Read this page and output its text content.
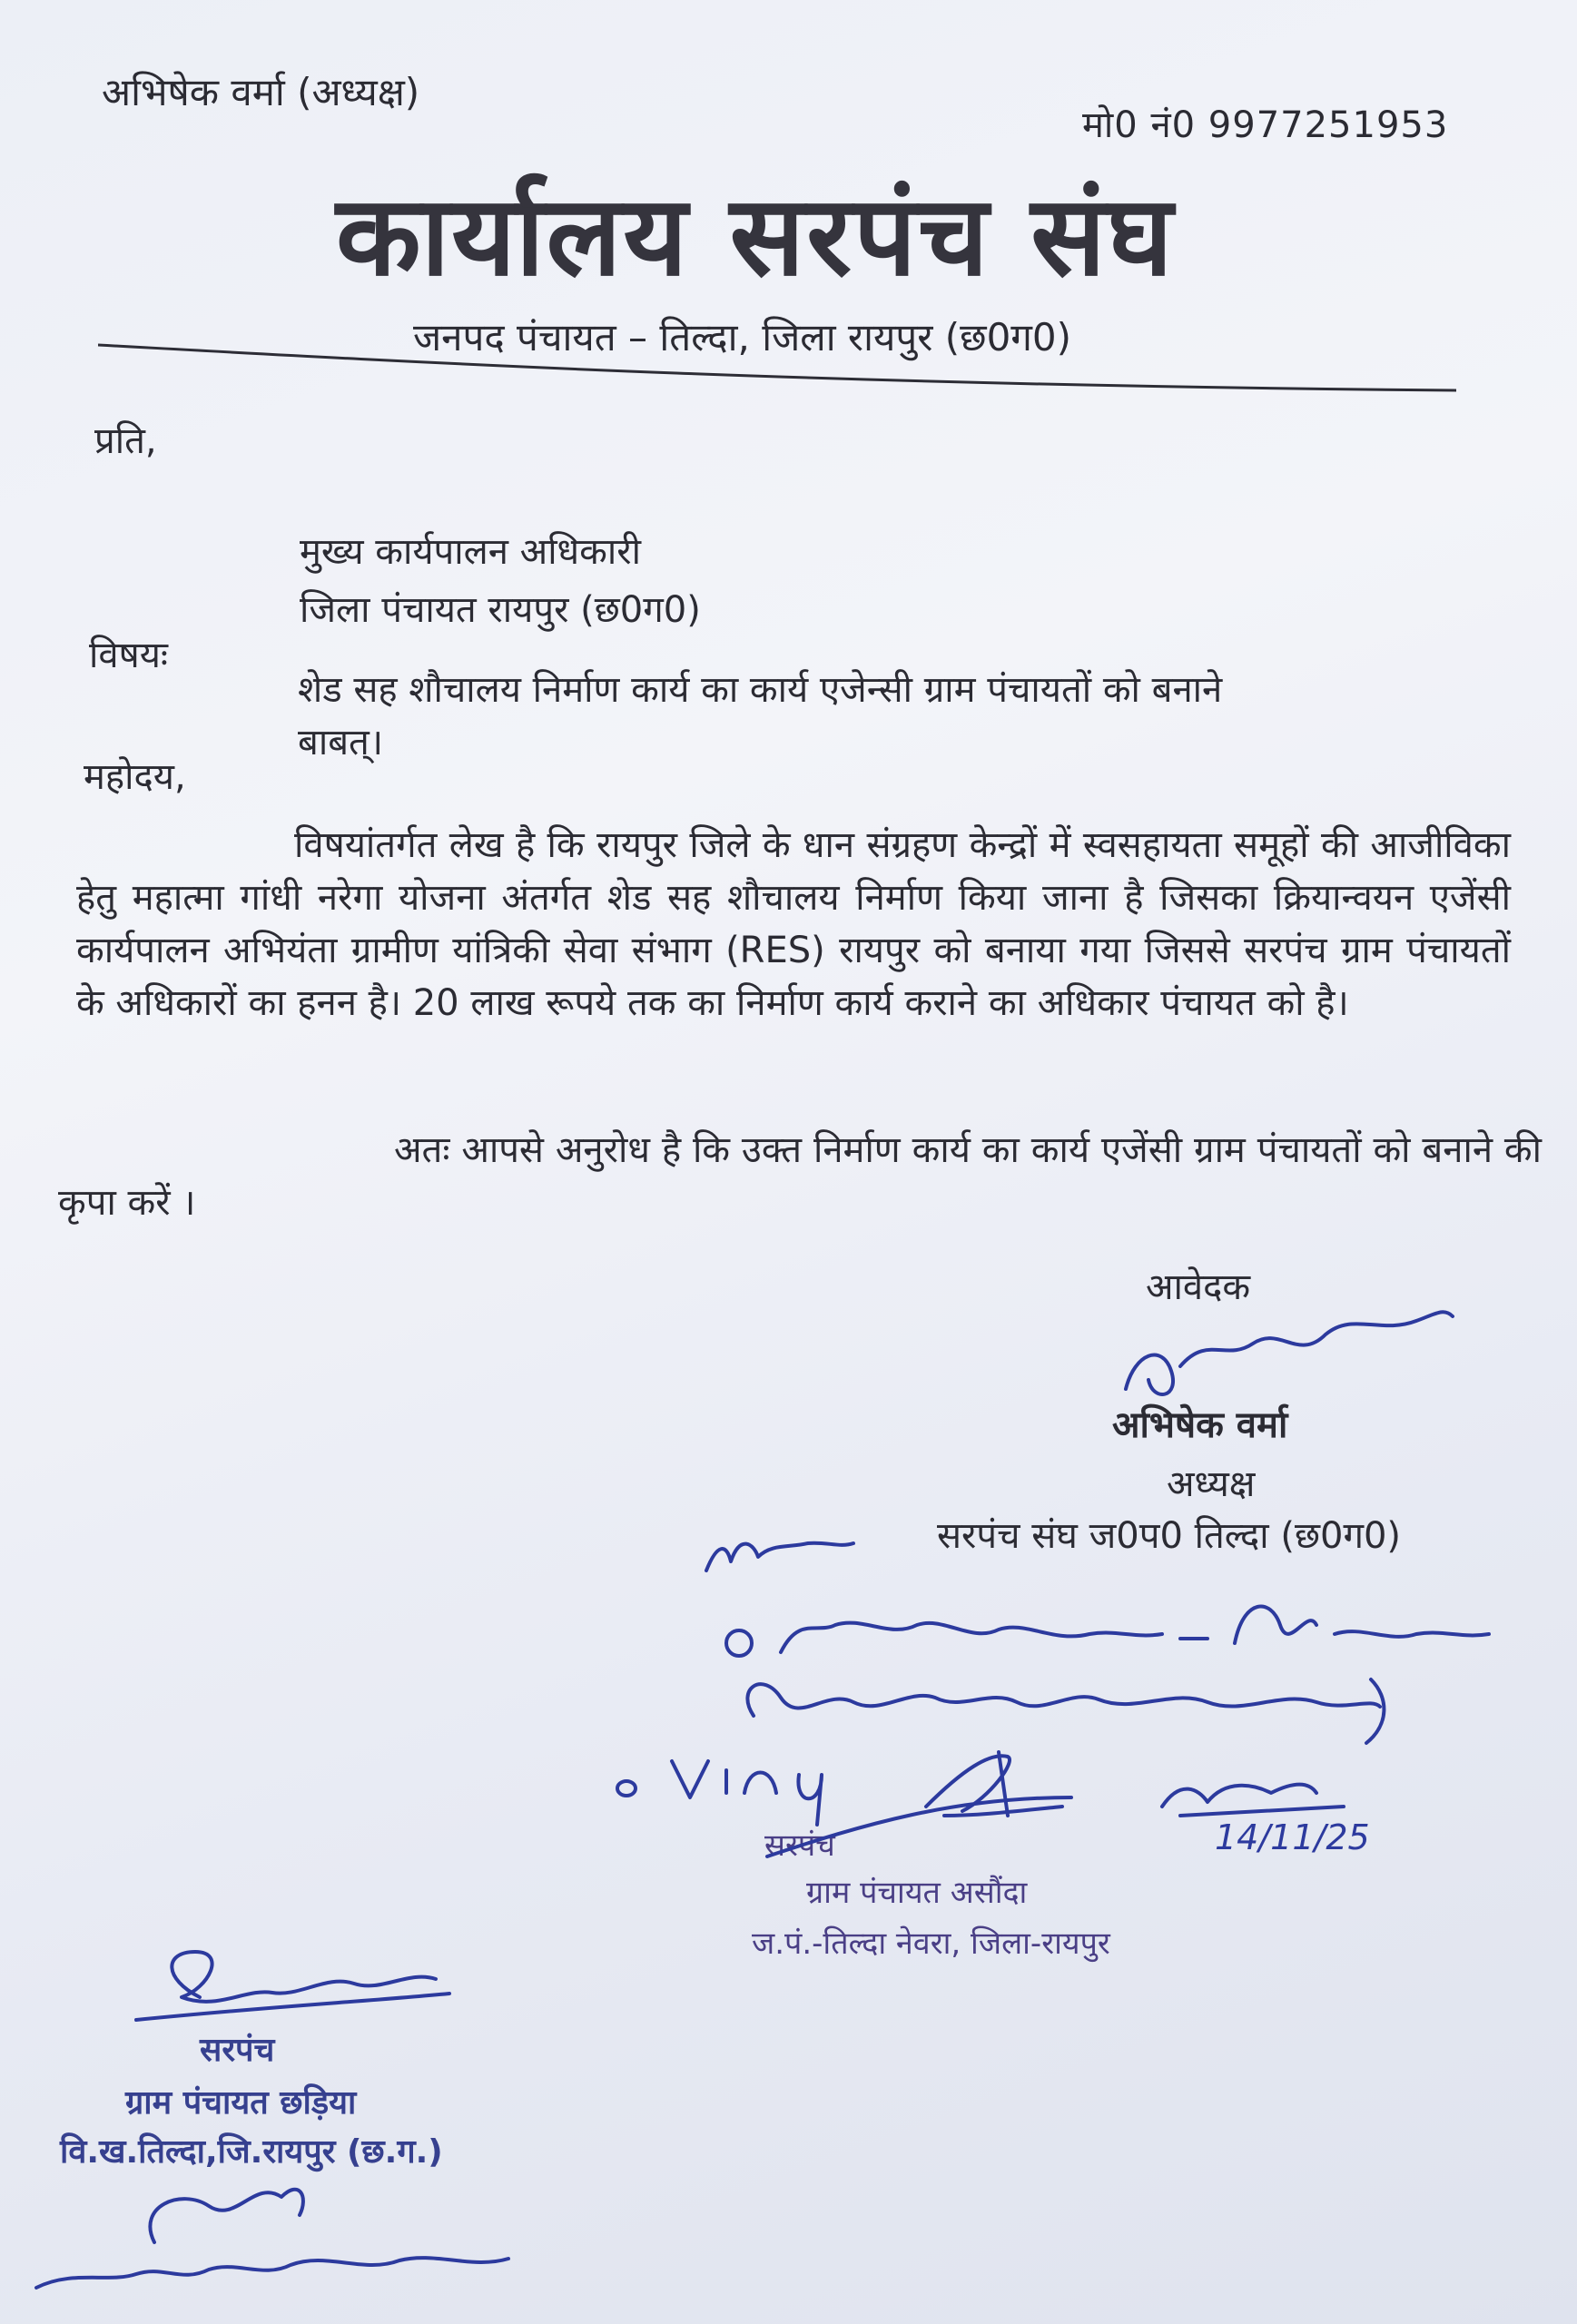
अभिषेक वर्मा (अध्यक्ष)
मो0 नं0 9977251953
कार्यालय सरपंच संघ
जनपद पंचायत – तिल्दा, जिला रायपुर (छ0ग0)
प्रति,
मुख्य कार्यपालन अधिकारी
जिला पंचायत रायपुर (छ0ग0)
विषयः
शेड सह शौचालय निर्माण कार्य का कार्य एजेन्सी ग्राम पंचायतों को बनाने
बाबत्।
महोदय,
विषयांतर्गत लेख है कि रायपुर जिले के धान संग्रहण केन्द्रों में स्वसहायता समूहों की आजीविका हेतु महात्मा गांधी नरेगा योजना अंतर्गत शेड सह शौचालय निर्माण किया जाना है जिसका क्रियान्वयन एजेंसी कार्यपालन अभियंता ग्रामीण यांत्रिकी सेवा संभाग (RES) रायपुर को बनाया गया जिससे सरपंच ग्राम पंचायतों के अधिकारों का हनन है। 20 लाख रूपये तक का निर्माण कार्य कराने का अधिकार पंचायत को है।
अतः आपसे अनुरोध है कि उक्त निर्माण कार्य का कार्य एजेंसी ग्राम पंचायतों को बनाने की कृपा करें ।
आवेदक
अभिषेक वर्मा
अध्यक्ष
सरपंच संघ ज0प0 तिल्दा (छ0ग0)
सरपंच
ग्राम पंचायत असौंदा
ज.पं.-तिल्दा नेवरा, जिला-रायपुर
सरपंच
ग्राम पंचायत छड़िया
वि.ख.तिल्दा,जि.रायपुर (छ.ग.)
14/11/25
